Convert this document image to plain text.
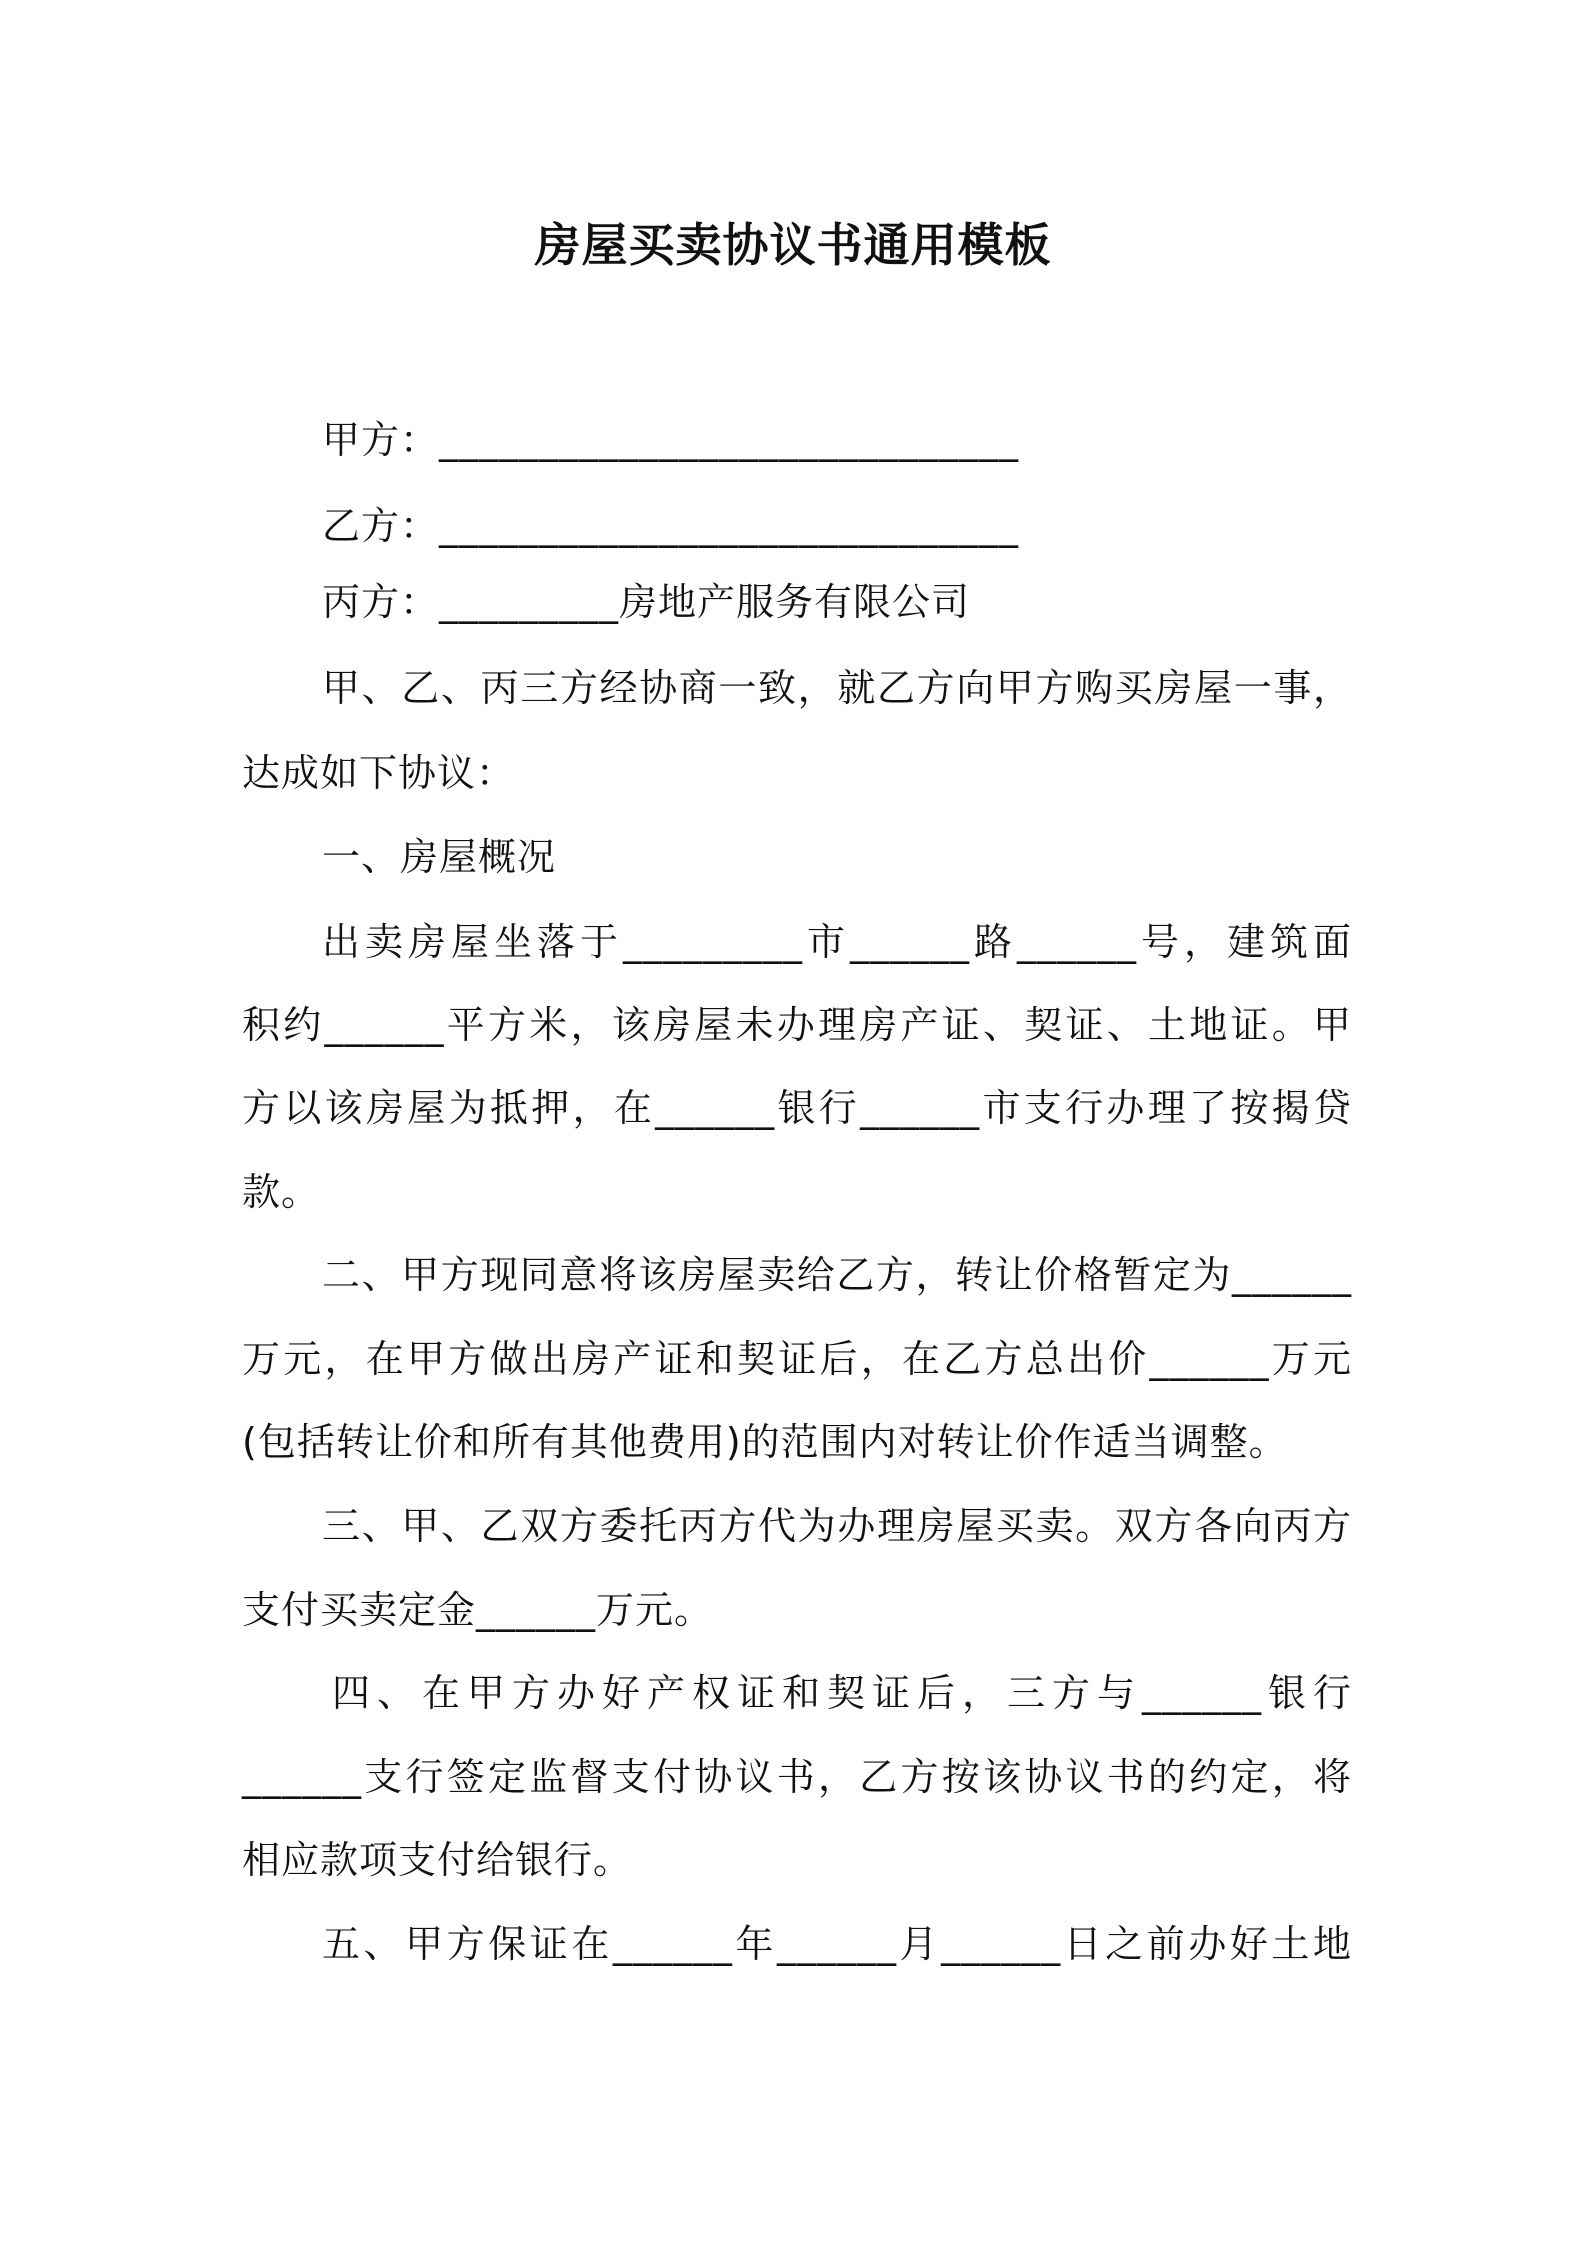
房屋买卖协议书通用模板
甲方：_____________________________
乙方：_____________________________
丙方：_________房地产服务有限公司
甲、乙、丙三方经协商一致，就乙方向甲方购买房屋一事，
达成如下协议：
一、房屋概况
出卖房屋坐落于_________市______路______号，建筑面
积约______平方米，该房屋未办理房产证、契证、土地证。甲
方以该房屋为抵押，在______银行______市支行办理了按揭贷
款。
二、甲方现同意将该房屋卖给乙方，转让价格暂定为______
万元，在甲方做出房产证和契证后，在乙方总出价______万元
(包括转让价和所有其他费用)的范围内对转让价作适当调整。
三、甲、乙双方委托丙方代为办理房屋买卖。双方各向丙方
支付买卖定金______万元。
四、在甲方办好产权证和契证后，三方与______银行
______支行签定监督支付协议书，乙方按该协议书的约定，将
相应款项支付给银行。
五、甲方保证在______年______月______日之前办好土地
